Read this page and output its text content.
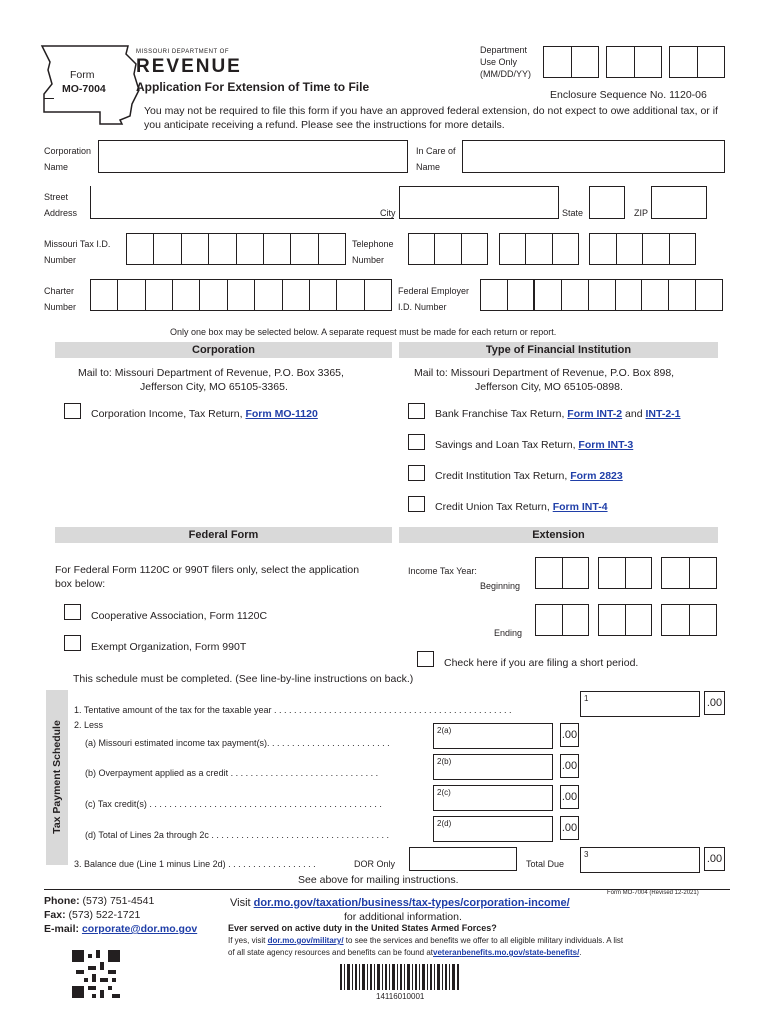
Form
MO-7004
MISSOURI DEPARTMENT OF
REVENUE
Application For Extension of Time to File
Department
Use Only
(MM/DD/YY)
Enclosure Sequence No. 1120-06
You may not be required to file this form if you have an approved federal extension, do not expect to owe additional tax, or if you anticipate receiving a refund. Please see the instructions for more details.
Corporation
Name
In Care of
Name
Street
Address	City	State	ZIP
Missouri Tax I.D.
Number
Telephone
Number
Charter
Number
Federal Employer
I.D. Number
Only one box may be selected below. A separate request must be made for each return or report.
Corporation	Type of Financial Institution
Mail to: Missouri Department of Revenue, P.O. Box 3365,
Jefferson City, MO 65105-3365.
Corporation Income, Tax Return, Form MO-1120
Mail to: Missouri Department of Revenue, P.O. Box 898,
Jefferson City, MO 65105-0898.
Bank Franchise Tax Return, Form INT-2 and INT-2-1
Savings and Loan Tax Return, Form INT-3
Credit Institution Tax Return, Form 2823
Credit Union Tax Return, Form INT-4
Federal Form	Extension
For Federal Form 1120C or 990T filers only, select the application
box below:
Cooperative Association, Form 1120C
Exempt Organization, Form 990T
Income Tax Year:
Beginning
Ending
Check here if you are filing a short period.
Tax Payment Schedule
This schedule must be completed. (See line-by-line instructions on back.)
1. Tentative amount of the tax for the taxable year . . . . . . . . . . . . . . . . . . . . . . . . . . . . . . . . . . . . . . . . . . . . . . . .
1	.00
2. Less
(a) Missouri estimated income tax payment(s). . . . . . . . . . . . . . . . . . . . . . . . .
2(a)	.00
(b) Overpayment applied as a credit . . . . . . . . . . . . . . . . . . . . . . . . . . . . . .
2(b)	.00
(c) Tax credit(s) . . . . . . . . . . . . . . . . . . . . . . . . . . . . . . . . . . . . . . . . . . . . . . .
2(c)	.00
(d) Total of Lines 2a through 2c . . . . . . . . . . . . . . . . . . . . . . . . . . . . . . . . . . . .
2(d)	.00
3. Balance due (Line 1 minus Line 2d) . . . . . . . . . . . . . . . . . .	DOR Only	Total Due
3	.00
See above for mailing instructions.
Phone: (573) 751-4541
Fax: (573) 522-1721
E-mail: corporate@dor.mo.gov
Visit dor.mo.gov/taxation/business/tax-types/corporation-income/
Form MO-7004 (Revised 12-2021)
for additional information.
Ever served on active duty in the United States Armed Forces?
If yes, visit dor.mo.gov/military/ to see the services and benefits we offer to all eligible military individuals. A list
of all state agency resources and benefits can be found atveteranbenefits.mo.gov/state-benefits/.
14116010001
